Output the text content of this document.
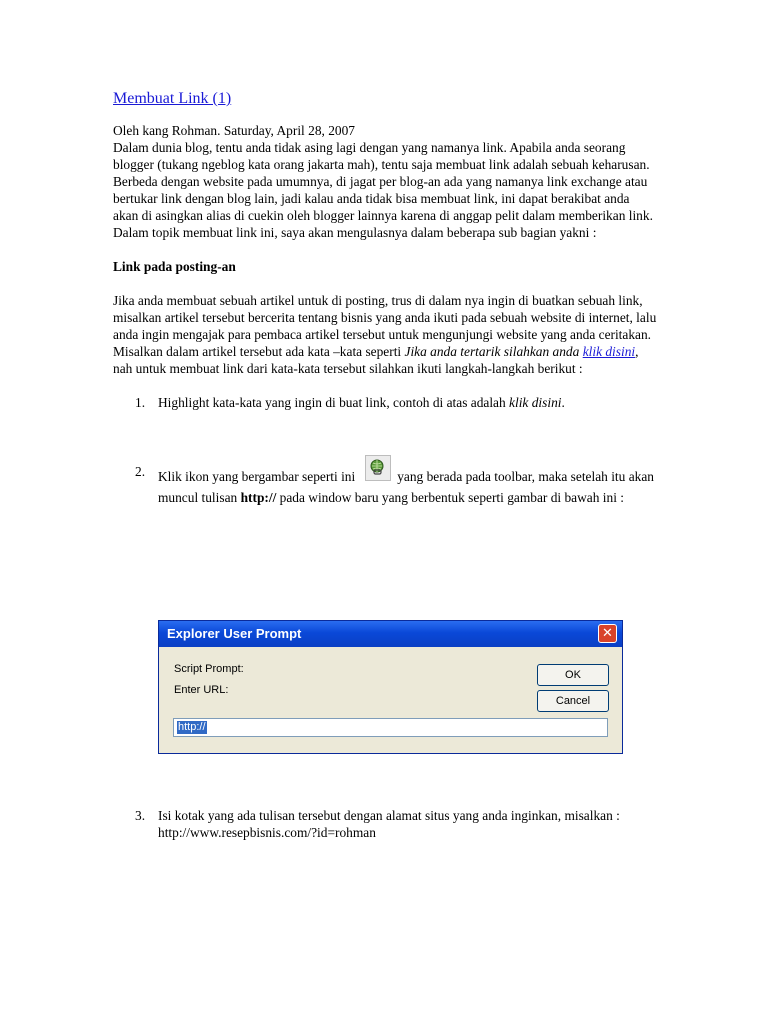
Membuat Link (1)

Oleh kang Rohman. Saturday, April 28, 2007

Dalam dunia blog, tentu anda tidak asing lagi dengan yang namanya link. Apabila anda seorang blogger (tukang ngeblog kata orang jakarta mah), tentu saja membuat link adalah sebuah keharusan. Berbeda dengan website pada umumnya, di jagat per blog-an ada yang namanya link exchange atau bertukar link dengan blog lain, jadi kalau anda tidak bisa membuat link, ini dapat berakibat anda akan di asingkan alias di cuekin oleh blogger lainnya karena di anggap pelit dalam memberikan link. Dalam topik membuat link ini, saya akan mengulasnya dalam beberapa sub bagian yakni :

Link pada posting-an

Jika anda membuat sebuah artikel untuk di posting, trus di dalam nya ingin di buatkan sebuah link, misalkan artikel tersebut bercerita tentang bisnis yang anda ikuti pada sebuah website di internet, lalu anda ingin mengajak para pembaca artikel tersebut untuk mengunjungi website yang anda ceritakan. Misalkan dalam artikel tersebut ada kata –kata seperti Jika anda tertarik silahkan anda klik disini, nah untuk membuat link dari kata-kata tersebut silahkan ikuti langkah-langkah berikut :

1. Highlight kata-kata yang ingin di buat link, contoh di atas adalah klik disini.
2. Klik ikon yang bergambar seperti ini	yang berada pada toolbar, maka setelah itu akan muncul tulisan http:// pada window baru yang berbentuk seperti gambar di bawah ini :
3. Isi kotak yang ada tulisan tersebut dengan alamat situs yang anda inginkan, misalkan : http://www.resepbisnis.com/?id=rohman
Explorer User Prompt	✕
Script Prompt:
Enter URL:
OK
Cancel
http://
